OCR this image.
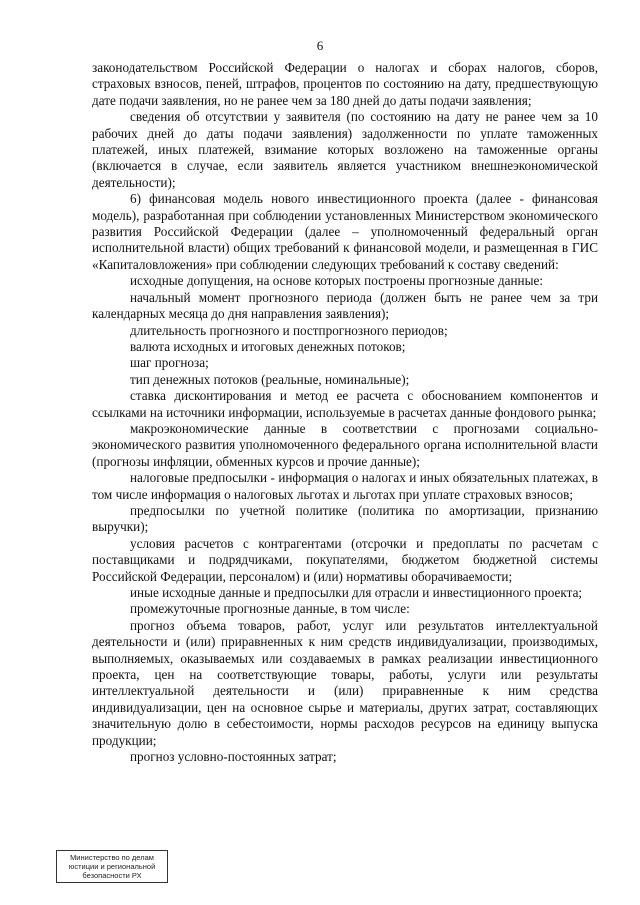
6

законодательством Российской Федерации о налогах и сборах налогов, сборов, страховых взносов, пеней, штрафов, процентов по состоянию на дату, предшествующую дате подачи заявления, но не ранее чем за 180 дней до даты подачи заявления;

сведения об отсутствии у заявителя (по состоянию на дату не ранее чем за 10 рабочих дней до даты подачи заявления) задолженности по уплате таможенных платежей, иных платежей, взимание которых возложено на таможенные органы (включается в случае, если заявитель является участником внешнеэкономической деятельности);

6) финансовая модель нового инвестиционного проекта (далее - финансовая модель), разработанная при соблюдении установленных Министерством экономического развития Российской Федерации (далее – уполномоченный федеральный орган исполнительной власти) общих требований к финансовой модели, и размещенная в ГИС «Капиталовложения» при соблюдении следующих требований к составу сведений:

исходные допущения, на основе которых построены прогнозные данные:

начальный момент прогнозного периода (должен быть не ранее чем за три календарных месяца до дня направления заявления);

длительность прогнозного и постпрогнозного периодов;

валюта исходных и итоговых денежных потоков;

шаг прогноза;

тип денежных потоков (реальные, номинальные);

ставка дисконтирования и метод ее расчета с обоснованием компонентов и ссылками на источники информации, используемые в расчетах данные фондового рынка;

макроэкономические данные в соответствии с прогнозами социально-экономического развития уполномоченного федерального органа исполнительной власти (прогнозы инфляции, обменных курсов и прочие данные);

налоговые предпосылки - информация о налогах и иных обязательных платежах, в том числе информация о налоговых льготах и льготах при уплате страховых взносов;

предпосылки по учетной политике (политика по амортизации, признанию выручки);

условия расчетов с контрагентами (отсрочки и предоплаты по расчетам с поставщиками и подрядчиками, покупателями, бюджетом бюджетной системы Российской Федерации, персоналом) и (или) нормативы оборачиваемости;

иные исходные данные и предпосылки для отрасли и инвестиционного проекта;

промежуточные прогнозные данные, в том числе:

прогноз объема товаров, работ, услуг или результатов интеллектуальной деятельности и (или) приравненных к ним средств индивидуализации, производимых, выполняемых, оказываемых или создаваемых в рамках реализации инвестиционного проекта, цен на соответствующие товары, работы, услуги или результаты интеллектуальной деятельности и (или) приравненные к ним средства индивидуализации, цен на основное сырье и материалы, других затрат, составляющих значительную долю в себестоимости, нормы расходов ресурсов на единицу выпуска продукции;

прогноз условно-постоянных затрат;

Министерство по делам
юстиции и региональной
безопасности РХ
